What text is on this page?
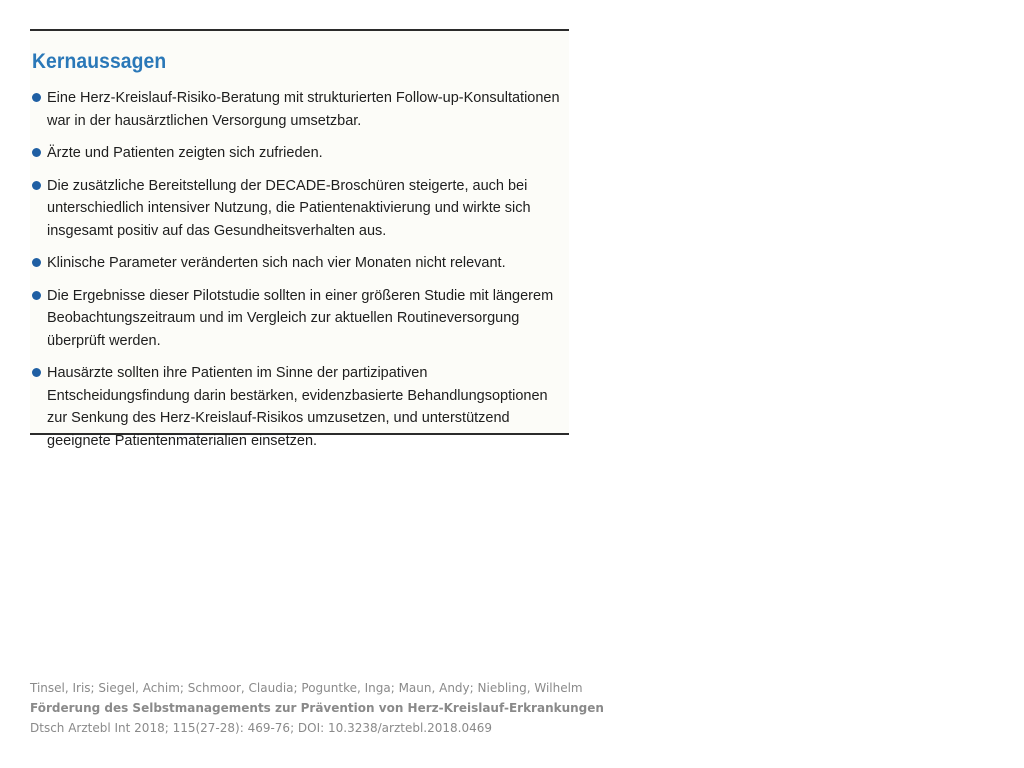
Kernaussagen
Eine Herz-Kreislauf-Risiko-Beratung mit strukturierten Follow-up-Konsultationen war in der hausärztlichen Versorgung umsetzbar.
Ärzte und Patienten zeigten sich zufrieden.
Die zusätzliche Bereitstellung der DECADE-Broschüren steigerte, auch bei unterschiedlich intensiver Nutzung, die Patientenaktivierung und wirkte sich insgesamt positiv auf das Gesundheitsverhalten aus.
Klinische Parameter veränderten sich nach vier Monaten nicht relevant.
Die Ergebnisse dieser Pilotstudie sollten in einer größeren Studie mit längerem Beobachtungszeitraum und im Vergleich zur aktuellen Routineversorgung überprüft werden.
Hausärzte sollten ihre Patienten im Sinne der partizipativen Entscheidungsfindung darin bestärken, evidenzbasierte Behandlungsoptionen zur Senkung des Herz-Kreislauf-Risikos umzusetzen, und unterstützend geeignete Patientenmaterialien einsetzen.
Tinsel, Iris; Siegel, Achim; Schmoor, Claudia; Poguntke, Inga; Maun, Andy; Niebling, Wilhelm
Förderung des Selbstmanagements zur Prävention von Herz-Kreislauf-Erkrankungen
Dtsch Arztebl Int 2018; 115(27-28): 469-76; DOI: 10.3238/arztebl.2018.0469
